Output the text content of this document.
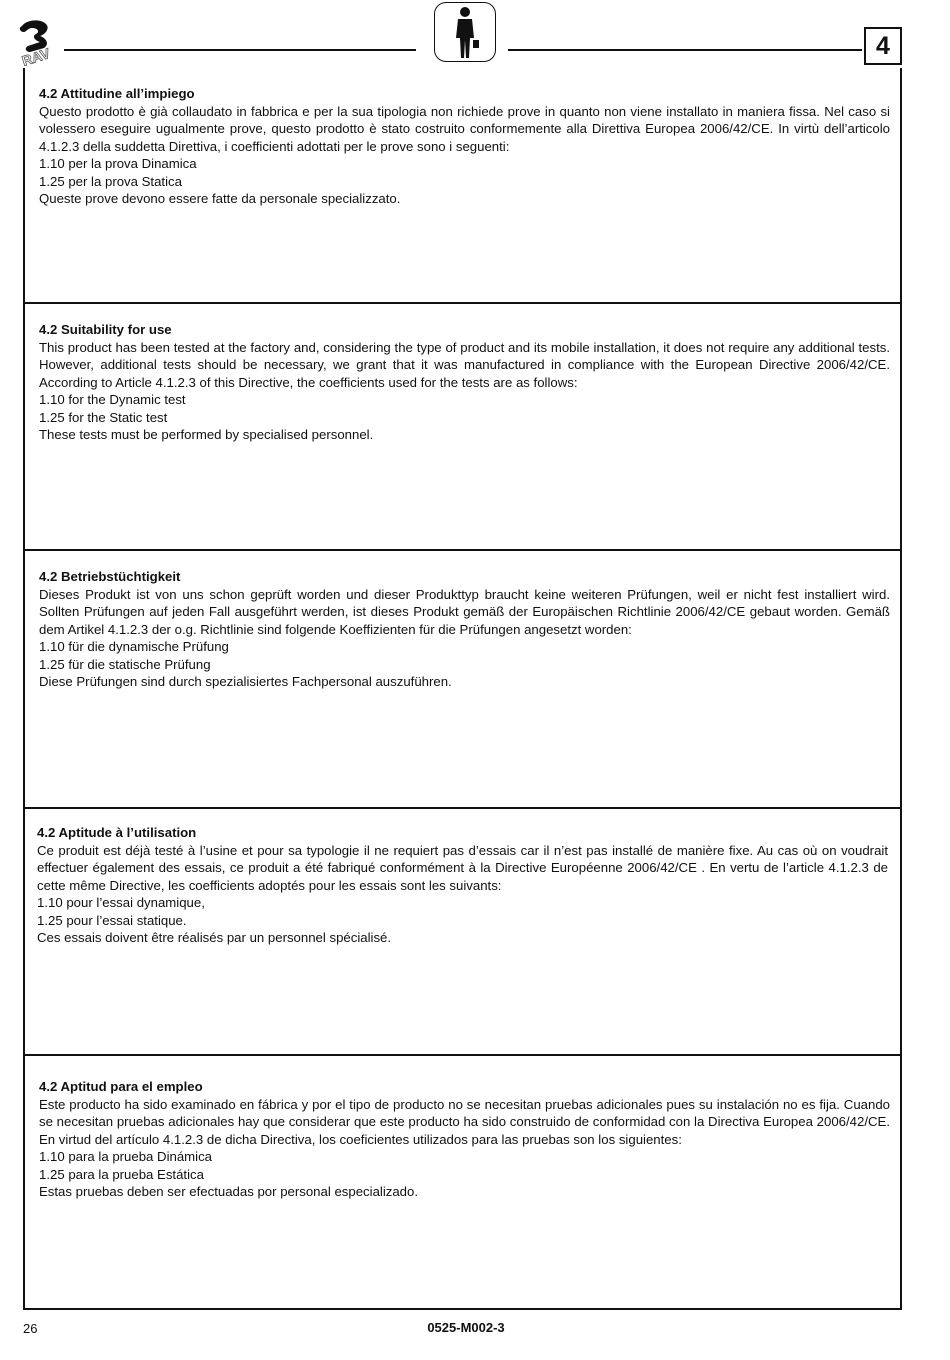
RAV	4
4.2 Attitudine all’impiego

Questo prodotto è già collaudato in fabbrica e per la sua tipologia non richiede prove in quanto non viene installato in maniera fissa. Nel caso si volessero eseguire ugualmente prove, questo prodotto è stato costruito conformemente alla Direttiva Europea 2006/42/CE. In virtù dell’articolo 4.1.2.3 della suddetta Direttiva, i coefficienti adottati per le prove sono i seguenti:

1.10 per la prova Dinamica
1.25 per la prova Statica
Queste prove devono essere fatte da personale specializzato.
4.2 Suitability for use

This product has been tested at the factory and, considering the type of product and its mobile installation, it does not require any additional tests. However, additional tests should be necessary, we grant that it was manufactured in compliance with the European Directive 2006/42/CE. According to Article 4.1.2.3 of this Directive, the coefficients used for the tests are as follows:

1.10 for the Dynamic test
1.25 for the Static test
These tests must be performed by specialised personnel.
4.2 Betriebstüchtigkeit

Dieses Produkt ist von uns schon geprüft worden und dieser Produkttyp braucht keine weiteren Prüfungen, weil er nicht fest installiert wird. Sollten Prüfungen auf jeden Fall ausgeführt werden, ist dieses Produkt gemäß der Europäischen Richtlinie 2006/42/CE gebaut worden. Gemäß dem Artikel 4.1.2.3 der o.g. Richtlinie sind folgende Koeffizienten für die Prüfungen angesetzt worden:

1.10 für die dynamische Prüfung
1.25 für die statische Prüfung
Diese Prüfungen sind durch spezialisiertes Fachpersonal auszuführen.
4.2 Aptitude à l’utilisation

Ce produit est déjà testé à l’usine et pour sa typologie il ne requiert pas d’essais car il n’est pas installé de manière fixe. Au cas où on voudrait effectuer également des essais, ce produit a été fabriqué conformément à la Directive Européenne 2006/42/CE . En vertu de l’article 4.1.2.3 de cette même Directive, les coefficients adoptés pour les essais sont les suivants:

1.10 pour l’essai dynamique,
1.25 pour l’essai statique.
Ces essais doivent être réalisés par un personnel spécialisé.
4.2 Aptitud para el empleo

Este producto ha sido examinado en fábrica y por el tipo de producto no se necesitan pruebas adicionales pues su instalación no es fija. Cuando se necesitan pruebas adicionales hay que considerar que este producto ha sido construido de conformidad con la Directiva Europea 2006/42/CE. En virtud del artículo 4.1.2.3 de dicha Directiva, los coeficientes utilizados para las pruebas son los siguientes:

1.10 para la prueba Dinámica
1.25 para la prueba Estática
Estas pruebas deben ser efectuadas por personal especializado.
26	0525-M002-3
